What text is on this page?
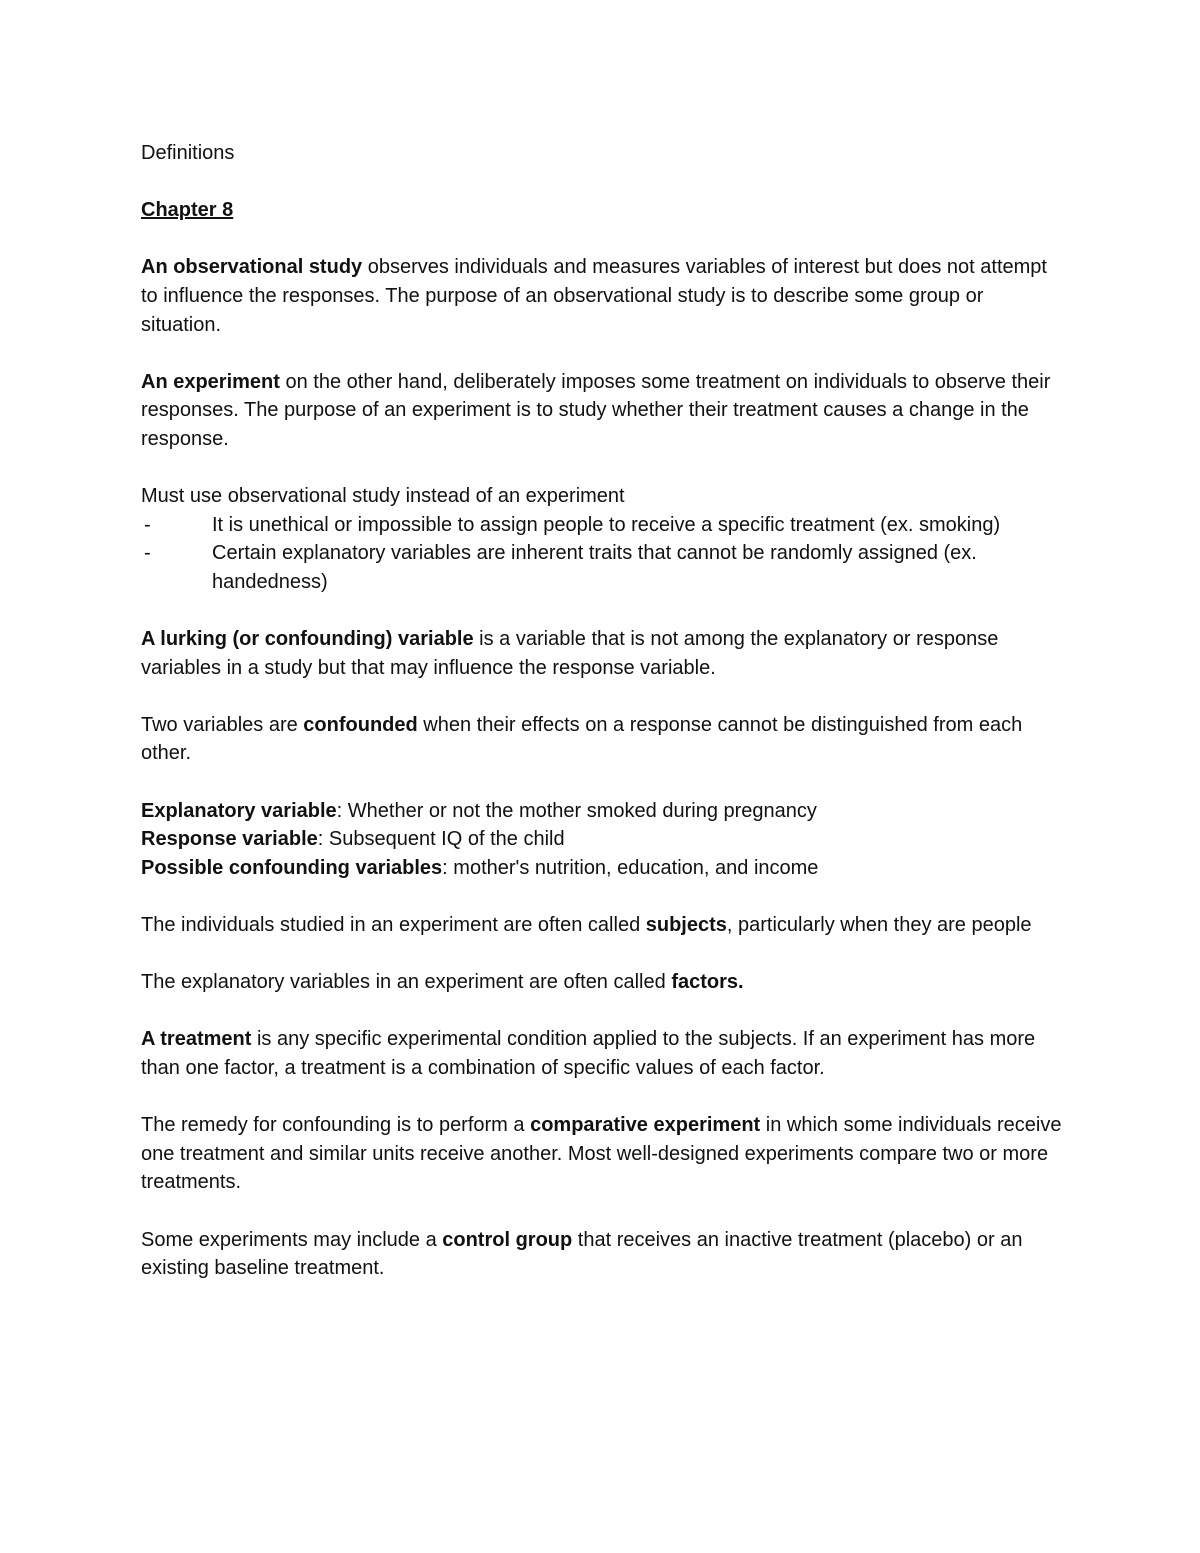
Definitions

Chapter 8

An observational study observes individuals and measures variables of interest but does not attempt to influence the responses. The purpose of an observational study is to describe some group or situation.

An experiment on the other hand, deliberately imposes some treatment on individuals to observe their responses. The purpose of an experiment is to study whether their treatment causes a change in the response.

Must use observational study instead of an experiment

-	It is unethical or impossible to assign people to receive a specific treatment (ex. smoking)
-	Certain explanatory variables are inherent traits that cannot be randomly assigned (ex. handedness)

A lurking (or confounding) variable is a variable that is not among the explanatory or response variables in a study but that may influence the response variable.

Two variables are confounded when their effects on a response cannot be distinguished from each other.

Explanatory variable: Whether or not the mother smoked during pregnancy

Response variable: Subsequent IQ of the child

Possible confounding variables: mother's nutrition, education, and income

The individuals studied in an experiment are often called subjects, particularly when they are people

The explanatory variables in an experiment are often called factors.

A treatment is any specific experimental condition applied to the subjects. If an experiment has more than one factor, a treatment is a combination of specific values of each factor.

The remedy for confounding is to perform a comparative experiment in which some individuals receive one treatment and similar units receive another. Most well-designed experiments compare two or more treatments.

Some experiments may include a control group that receives an inactive treatment (placebo) or an existing baseline treatment.
